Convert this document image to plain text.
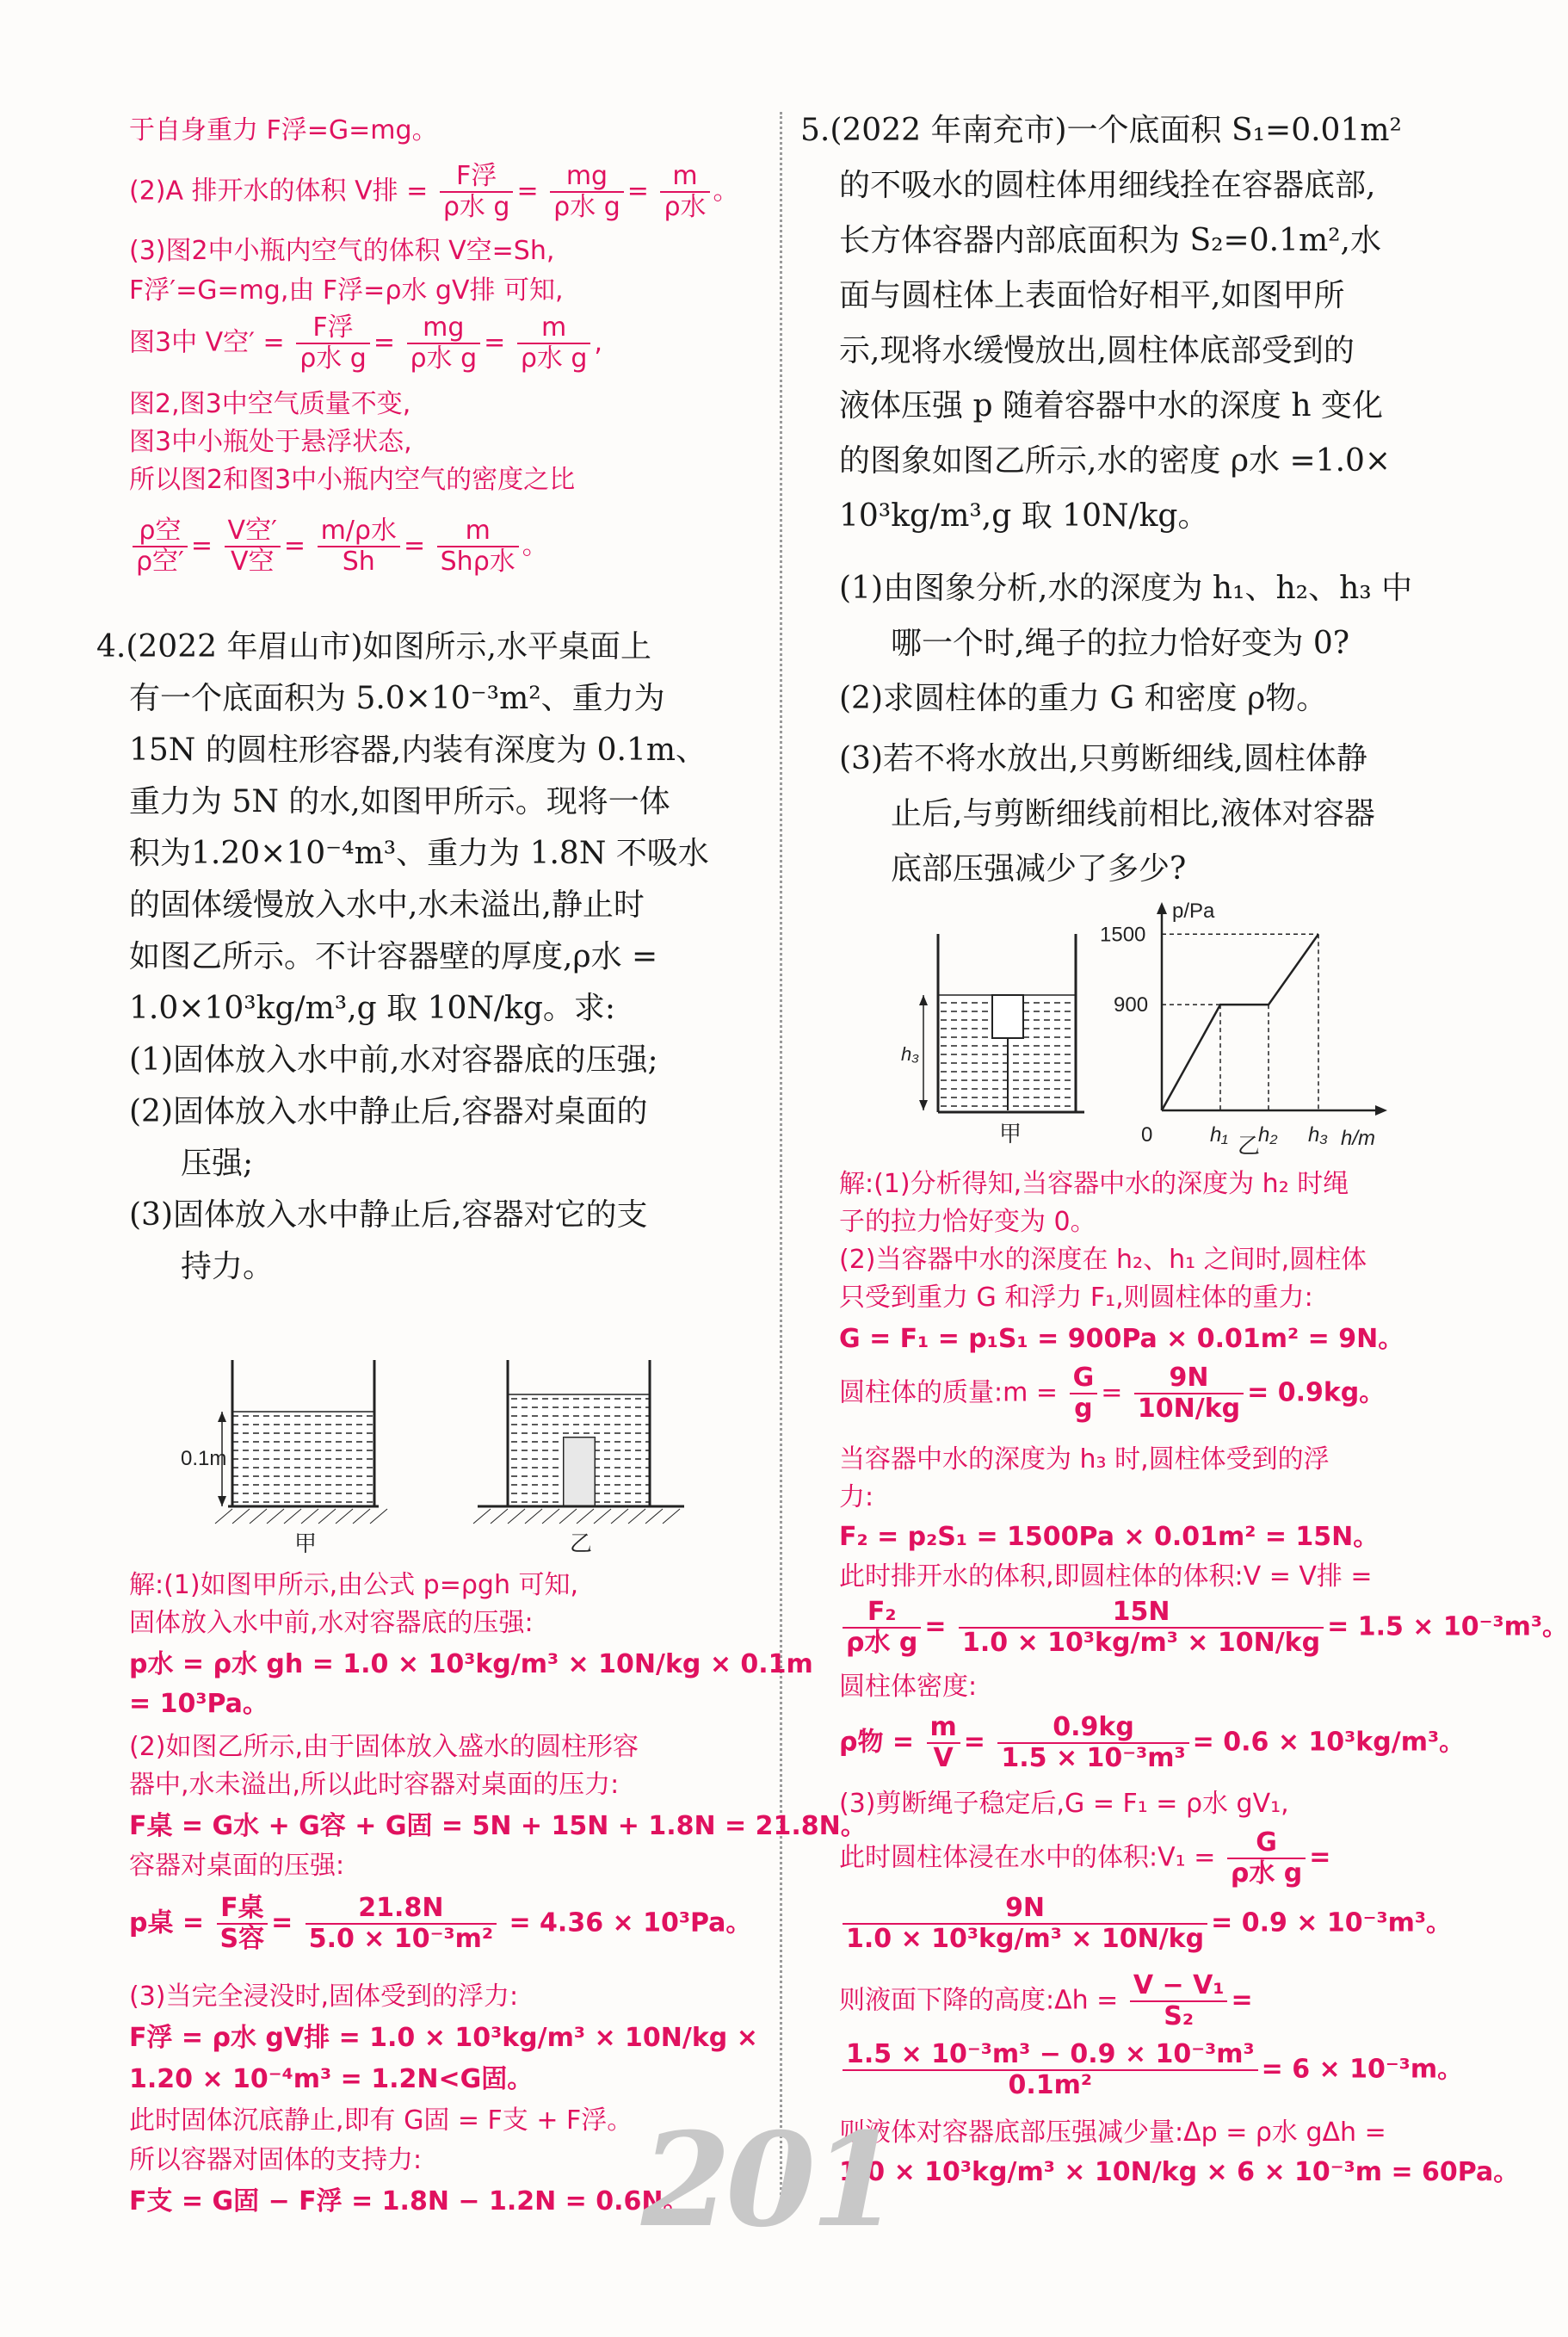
于自身重力 F浮=G=mg。
(2)A 排开水的体积 V排 = $\frac{\text{F浮}}{\text{ρ水 g}} = \frac{mg}{\text{ρ水 g}} = \frac{m}{\text{ρ水}}$ 。
(3)图2中小瓶内空气的体积 V空=Sh,
F浮′=G=mg,由 F浮=ρ水 gV排 可知,
图3中 V空′ = $\frac{\text{F浮}}{\text{ρ水 g}} = \frac{mg}{\text{ρ水 g}} = \frac{m}{\text{ρ水 g}}$ ,
图2,图3中空气质量不变,
图3中小瓶处于悬浮状态,
所以图2和图3中小瓶内空气的密度之比
$\frac{\text{ρ空}}{\text{ρ空′}} = \frac{\text{V空′}}{\text{V空}} = \frac{\text{m/ρ水}}{Sh} = \frac{m}{\text{Shρ水}}$ 。
4.(2022 年眉山市)如图所示,水平桌面上
有一个底面积为 5.0×10⁻³m²、重力为
15N 的圆柱形容器,内装有深度为 0.1m、
重力为 5N 的水,如图甲所示。现将一体
积为1.20×10⁻⁴m³、重力为 1.8N 不吸水
的固体缓慢放入水中,水未溢出,静止时
如图乙所示。不计容器壁的厚度,ρ水 =
1.0×10³kg/m³,g 取 10N/kg。求:
(1)固体放入水中前,水对容器底的压强;
(2)固体放入水中静止后,容器对桌面的
压强;
(3)固体放入水中静止后,容器对它的支
持力。
0.1m
甲	乙
解:(1)如图甲所示,由公式 p=ρgh 可知,
固体放入水中前,水对容器底的压强:
p水 = ρ水 gh = 1.0 × 10³kg/m³ × 10N/kg × 0.1m
= 10³Pa。
(2)如图乙所示,由于固体放入盛水的圆柱形容
器中,水未溢出,所以此时容器对桌面的压力:
F桌 = G水 + G容 + G固 = 5N + 15N + 1.8N = 21.8N。
容器对桌面的压强:
p桌 = $\frac{\text{F桌}}{\text{S容}} = \frac{21.8N}{\text{5.0 × 10⁻³m²}} = 4.36 \times 10^3Pa$。
(3)当完全浸没时,固体受到的浮力:
F浮 = ρ水 gV排 = 1.0 × 10³kg/m³ × 10N/kg ×
1.20 × 10⁻⁴m³ = 1.2N<G固。
此时固体沉底静止,即有 G固 = F支 + F浮。
所以容器对固体的支持力:
F支 = G固 − F浮 = 1.8N − 1.2N = 0.6N。
5.(2022 年南充市)一个底面积 S₁=0.01m²
的不吸水的圆柱体用细线拴在容器底部,
长方体容器内部底面积为 S₂=0.1m²,水
面与圆柱体上表面恰好相平,如图甲所
示,现将水缓慢放出,圆柱体底部受到的
液体压强 p 随着容器中水的深度 h 变化
的图象如图乙所示,水的密度 ρ水 =1.0×
10³kg/m³,g 取 10N/kg。
(1)由图象分析,水的深度为 h₁、h₂、h₃ 中
哪一个时,绳子的拉力恰好变为 0?
(2)求圆柱体的重力 G 和密度 ρ物。
(3)若不将水放出,只剪断细线,圆柱体静
止后,与剪断细线前相比,液体对容器
底部压强减少了多少?
h₃
甲
p/Pa
h/m
1500
900
0	h₁ h₂ h₃
乙
解:(1)分析得知,当容器中水的深度为 h₂ 时绳
子的拉力恰好变为 0。
(2)当容器中水的深度在 h₂、h₁ 之间时,圆柱体
只受到重力 G 和浮力 F₁,则圆柱体的重力:
G = F₁ = p₁S₁ = 900Pa × 0.01m² = 9N。
圆柱体的质量:m = $\frac{G}{g} = \frac{9N}{10N/kg} = 0.9kg$。
当容器中水的深度为 h₃ 时,圆柱体受到的浮
力:
F₂ = p₂S₁ = 1500Pa × 0.01m² = 15N。
此时排开水的体积,即圆柱体的体积:V = V排 =
$\frac{\text{F₂}}{\text{ρ水 g}} = \frac{15N}{\text{1.0 × 10³kg/m³ × 10N/kg}} = 1.5 \times 10^{-3}m^3$。
圆柱体密度:
ρ物 = $\frac{m}{V} = \frac{0.9kg}{\text{1.5 × 10⁻³m³}} = 0.6 \times 10^3kg/m^3$。
(3)剪断绳子稳定后,G = F₁ = ρ水 gV₁,
此时圆柱体浸在水中的体积:V₁ = $\frac{G}{\text{ρ水 g}}$ =
$\frac{9N}{\text{1.0 × 10³kg/m³ × 10N/kg}} = 0.9 \times 10^{-3}m^3$。
则液面下降的高度:Δh = $\frac{\text{V − V₁}}{\text{S₂}}$ =
$\frac{\text{1.5 × 10⁻³m³ − 0.9 × 10⁻³m³}}{\text{0.1m²}} = 6 \times 10^{-3}m$。
则液体对容器底部压强减少量:Δp = ρ水 gΔh =
1.0 × 10³kg/m³ × 10N/kg × 6 × 10⁻³m = 60Pa。
201
